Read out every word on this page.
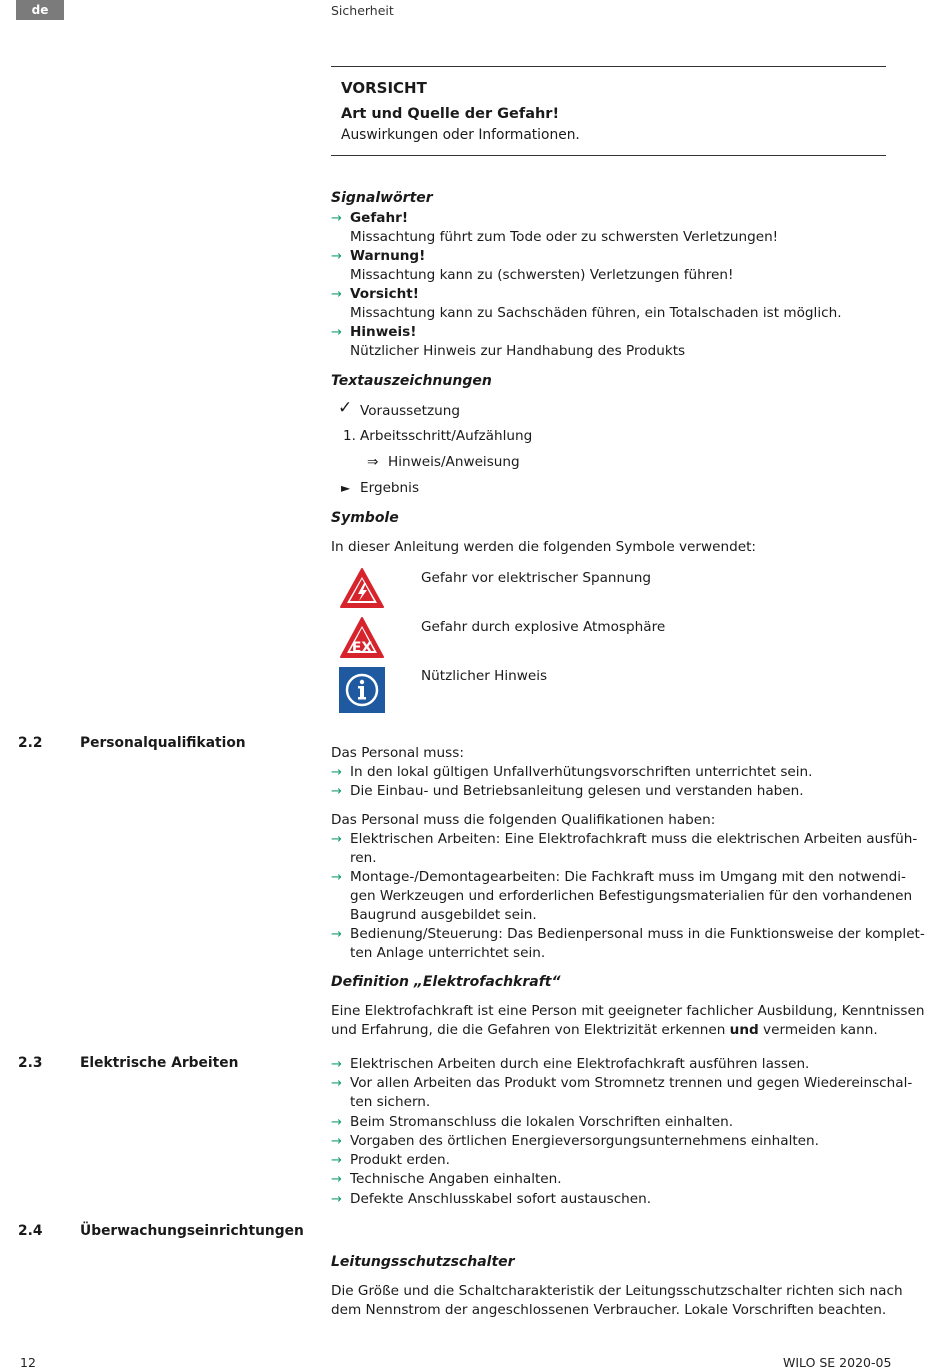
de	Sicherheit
VORSICHT
Art und Quelle der Gefahr!
Auswirkungen oder Informationen.
Signalwörter
→ Gefahr!
Missachtung führt zum Tode oder zu schwersten Verletzungen!
→ Warnung!
Missachtung kann zu (schwersten) Verletzungen führen!
→ Vorsicht!
Missachtung kann zu Sachschäden führen, ein Totalschaden ist möglich.
→ Hinweis!
Nützlicher Hinweis zur Handhabung des Produkts
Textauszeichnungen
✓ Voraussetzung
1. Arbeitsschritt/Aufzählung
⇒ Hinweis/Anweisung
► Ergebnis
Symbole
In dieser Anleitung werden die folgenden Symbole verwendet:
Gefahr vor elektrischer Spannung
EX
Gefahr durch explosive Atmosphäre
Nützlicher Hinweis
2.2	Personalqualifikation
Das Personal muss:
→ In den lokal gültigen Unfallverhütungsvorschriften unterrichtet sein.
→ Die Einbau- und Betriebsanleitung gelesen und verstanden haben.
Das Personal muss die folgenden Qualifikationen haben:
→ Elektrischen Arbeiten: Eine Elektrofachkraft muss die elektrischen Arbeiten ausfüh-
ren.
→ Montage-/Demontagearbeiten: Die Fachkraft muss im Umgang mit den notwendi-
gen Werkzeugen und erforderlichen Befestigungsmaterialien für den vorhandenen
Baugrund ausgebildet sein.
→ Bedienung/Steuerung: Das Bedienpersonal muss in die Funktionsweise der komplet-
ten Anlage unterrichtet sein.
Definition „Elektrofachkraft“
Eine Elektrofachkraft ist eine Person mit geeigneter fachlicher Ausbildung, Kenntnissen
und Erfahrung, die die Gefahren von Elektrizität erkennen und vermeiden kann.
2.3	Elektrische Arbeiten	→ Elektrischen Arbeiten durch eine Elektrofachkraft ausführen lassen.
→ Vor allen Arbeiten das Produkt vom Stromnetz trennen und gegen Wiedereinschal-
ten sichern.
→ Beim Stromanschluss die lokalen Vorschriften einhalten.
→ Vorgaben des örtlichen Energieversorgungsunternehmens einhalten.
→ Produkt erden.
→ Technische Angaben einhalten.
→ Defekte Anschlusskabel sofort austauschen.
2.4	Überwachungseinrichtungen
Leitungsschutzschalter
Die Größe und die Schaltcharakteristik der Leitungsschutzschalter richten sich nach
dem Nennstrom der angeschlossenen Verbraucher. Lokale Vorschriften beachten.
12	WILO SE 2020-05
